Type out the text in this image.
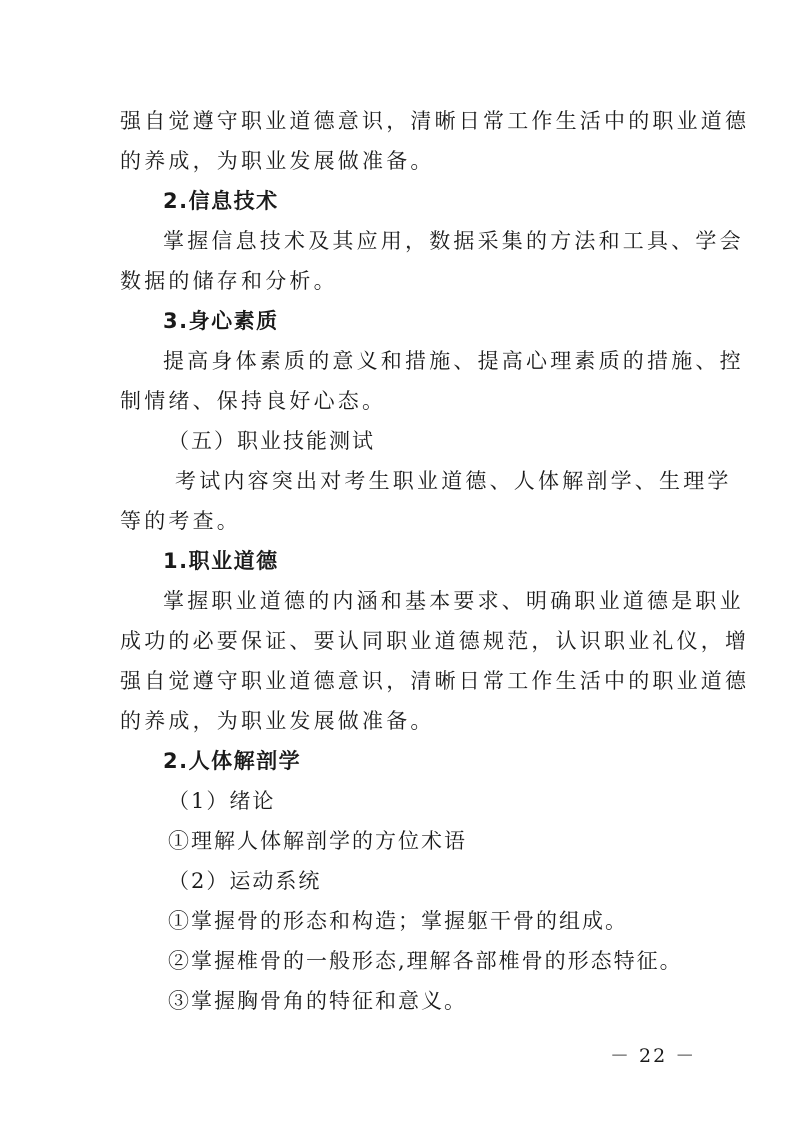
强自觉遵守职业道德意识，清晰日常工作生活中的职业道德
的养成，为职业发展做准备。
2.信息技术
掌握信息技术及其应用，数据采集的方法和工具、学会
数据的储存和分析。
3.身心素质
提高身体素质的意义和措施、提高心理素质的措施、控
制情绪、保持良好心态。
（五）职业技能测试
考试内容突出对考生职业道德、人体解剖学、生理学
等的考查。
1.职业道德
掌握职业道德的内涵和基本要求、明确职业道德是职业
成功的必要保证、要认同职业道德规范，认识职业礼仪，增
强自觉遵守职业道德意识，清晰日常工作生活中的职业道德
的养成，为职业发展做准备。
2.人体解剖学
（1）绪论
①理解人体解剖学的方位术语
（2）运动系统
①掌握骨的形态和构造；掌握躯干骨的组成。
②掌握椎骨的一般形态,理解各部椎骨的形态特征。
③掌握胸骨角的特征和意义。
－ 22 －
